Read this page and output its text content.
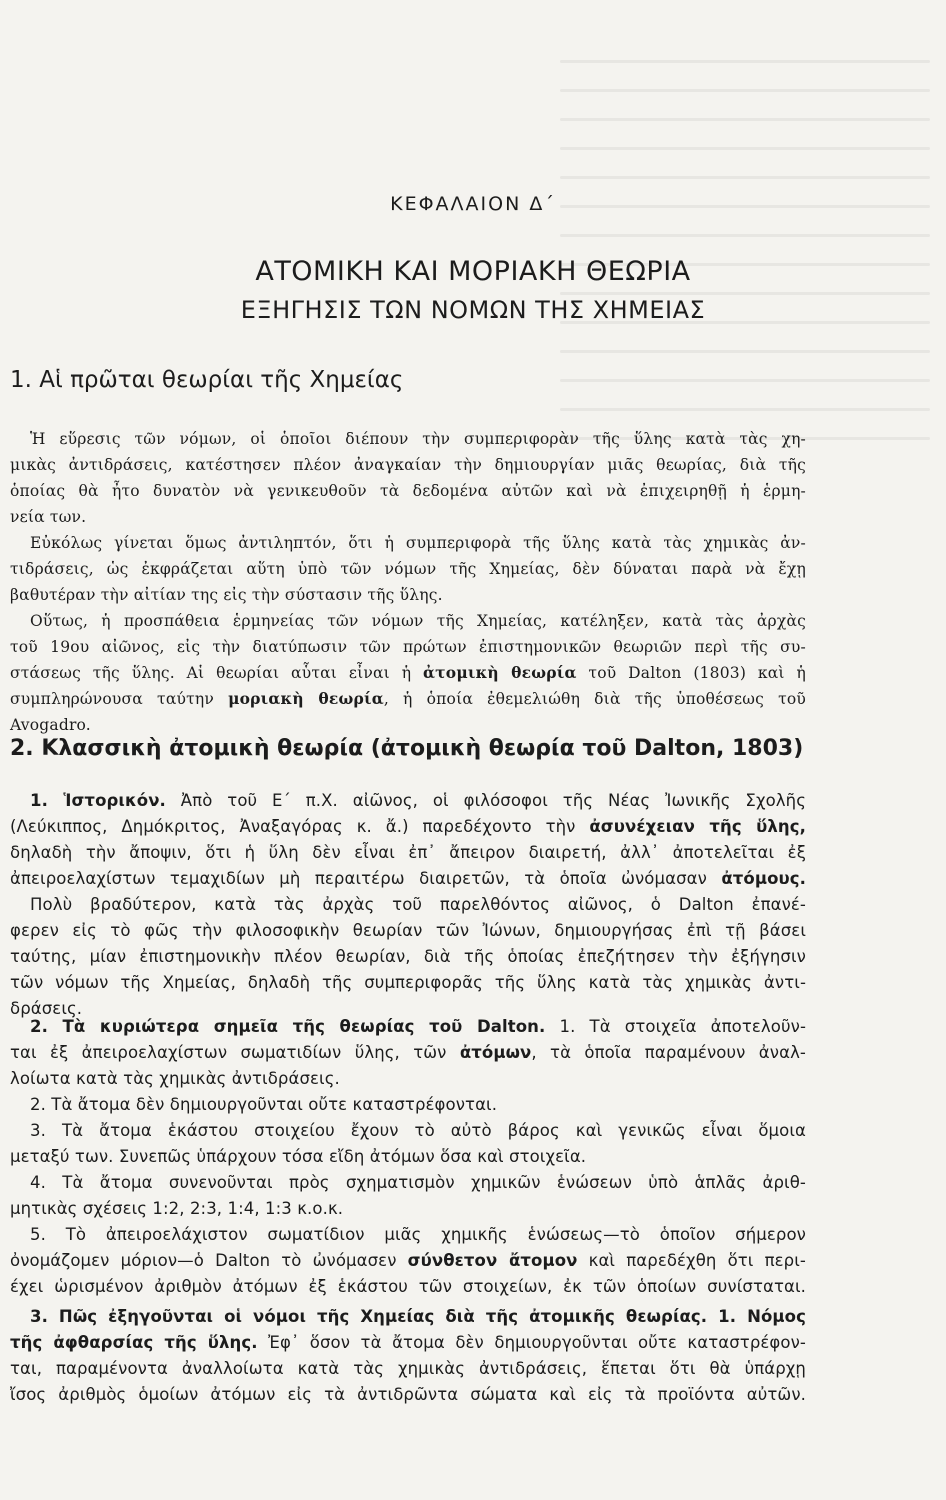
ΚΕΦΑΛΑΙΟΝ Δ΄
ΑΤΟΜΙΚΗ ΚΑΙ ΜΟΡΙΑΚΗ ΘΕΩΡΙΑ
ΕΞΗΓΗΣΙΣ ΤΩΝ ΝΟΜΩΝ ΤΗΣ ΧΗΜΕΙΑΣ
1. Αἱ πρῶται θεωρίαι τῆς Χημείας
Ἡ εὕρεσις τῶν νόμων, οἱ ὁποῖοι διέπουν τὴν συμπεριφορὰν τῆς ὕλης κατὰ τὰς χη-
μικὰς ἀντιδράσεις, κατέστησεν πλέον ἀναγκαίαν τὴν δημιουργίαν μιᾶς θεωρίας, διὰ τῆς
ὁποίας θὰ ἦτο δυνατὸν νὰ γενικευθοῦν τὰ δεδομένα αὐτῶν καὶ νὰ ἐπιχειρηθῇ ἡ ἑρμη-
νεία των.
Εὐκόλως γίνεται ὅμως ἀντιληπτόν, ὅτι ἡ συμπεριφορὰ τῆς ὕλης κατὰ τὰς χημικὰς ἀν-
τιδράσεις, ὡς ἐκφράζεται αὕτη ὑπὸ τῶν νόμων τῆς Χημείας, δὲν δύναται παρὰ νὰ ἔχῃ
βαθυτέραν τὴν αἰτίαν της εἰς τὴν σύστασιν τῆς ὕλης.
Οὕτως, ἡ προσπάθεια ἑρμηνείας τῶν νόμων τῆς Χημείας, κατέληξεν, κατὰ τὰς ἀρχὰς
τοῦ 19ου αἰῶνος, εἰς τὴν διατύπωσιν τῶν πρώτων ἐπιστημονικῶν θεωριῶν περὶ τῆς συ-
στάσεως τῆς ὕλης. Αἱ θεωρίαι αὗται εἶναι ἡ ἀτομικὴ θεωρία τοῦ Dalton (1803) καὶ ἡ
συμπληρώνουσα ταύτην μοριακὴ θεωρία, ἡ ὁποία ἐθεμελιώθη διὰ τῆς ὑποθέσεως τοῦ
Avogadro.
2. Κλασσικὴ ἀτομικὴ θεωρία (ἀτομικὴ θεωρία τοῦ Dalton, 1803)
1. Ἱστορικόν. Ἀπὸ τοῦ Ε΄ π.Χ. αἰῶνος, οἱ φιλόσοφοι τῆς Νέας Ἰωνικῆς Σχολῆς
(Λεύκιππος, Δημόκριτος, Ἀναξαγόρας κ. ἄ.) παρεδέχοντο τὴν ἀσυνέχειαν τῆς ὕλης,
δηλαδὴ τὴν ἄποψιν, ὅτι ἡ ὕλη δὲν εἶναι ἐπ᾿ ἄπειρον διαιρετή, ἀλλ᾿ ἀποτελεῖται ἐξ
ἀπειροελαχίστων τεμαχιδίων μὴ περαιτέρω διαιρετῶν, τὰ ὁποῖα ὠνόμασαν ἀτόμους.
Πολὺ βραδύτερον, κατὰ τὰς ἀρχὰς τοῦ παρελθόντος αἰῶνος, ὁ Dalton ἐπανέ-
φερεν εἰς τὸ φῶς τὴν φιλοσοφικὴν θεωρίαν τῶν Ἰώνων, δημιουργήσας ἐπὶ τῇ βάσει
ταύτης, μίαν ἐπιστημονικὴν πλέον θεωρίαν, διὰ τῆς ὁποίας ἐπεζήτησεν τὴν ἐξήγησιν
τῶν νόμων τῆς Χημείας, δηλαδὴ τῆς συμπεριφορᾶς τῆς ὕλης κατὰ τὰς χημικὰς ἀντι-
δράσεις.
2. Τὰ κυριώτερα σημεῖα τῆς θεωρίας τοῦ Dalton. 1. Τὰ στοιχεῖα ἀποτελοῦν-
ται ἐξ ἀπειροελαχίστων σωματιδίων ὕλης, τῶν ἀτόμων, τὰ ὁποῖα παραμένουν ἀναλ-
λοίωτα κατὰ τὰς χημικὰς ἀντιδράσεις.
2. Τὰ ἄτομα δὲν δημιουργοῦνται οὔτε καταστρέφονται.
3. Τὰ ἄτομα ἑκάστου στοιχείου ἔχουν τὸ αὐτὸ βάρος καὶ γενικῶς εἶναι ὅμοια
μεταξύ των. Συνεπῶς ὑπάρχουν τόσα εἴδη ἀτόμων ὅσα καὶ στοιχεῖα.
4. Τὰ ἄτομα συνενοῦνται πρὸς σχηματισμὸν χημικῶν ἑνώσεων ὑπὸ ἁπλᾶς ἀριθ-
μητικὰς σχέσεις 1:2, 2:3, 1:4, 1:3 κ.ο.κ.
5. Τὸ ἀπειροελάχιστον σωματίδιον μιᾶς χημικῆς ἑνώσεως—τὸ ὁποῖον σήμερον
ὀνομάζομεν μόριον—ὁ Dalton τὸ ὠνόμασεν σύνθετον ἄτομον καὶ παρεδέχθη ὅτι περι-
έχει ὡρισμένον ἀριθμὸν ἀτόμων ἐξ ἑκάστου τῶν στοιχείων, ἐκ τῶν ὁποίων συνίσταται.
3. Πῶς ἐξηγοῦνται οἱ νόμοι τῆς Χημείας διὰ τῆς ἀτομικῆς θεωρίας. 1. Νόμος
τῆς ἀφθαρσίας τῆς ὕλης. Ἐφ᾿ ὅσον τὰ ἄτομα δὲν δημιουργοῦνται οὔτε καταστρέφον-
ται, παραμένοντα ἀναλλοίωτα κατὰ τὰς χημικὰς ἀντιδράσεις, ἕπεται ὅτι θὰ ὑπάρχῃ
ἴσος ἀριθμὸς ὁμοίων ἀτόμων εἰς τὰ ἀντιδρῶντα σώματα καὶ εἰς τὰ προϊόντα αὐτῶν.
